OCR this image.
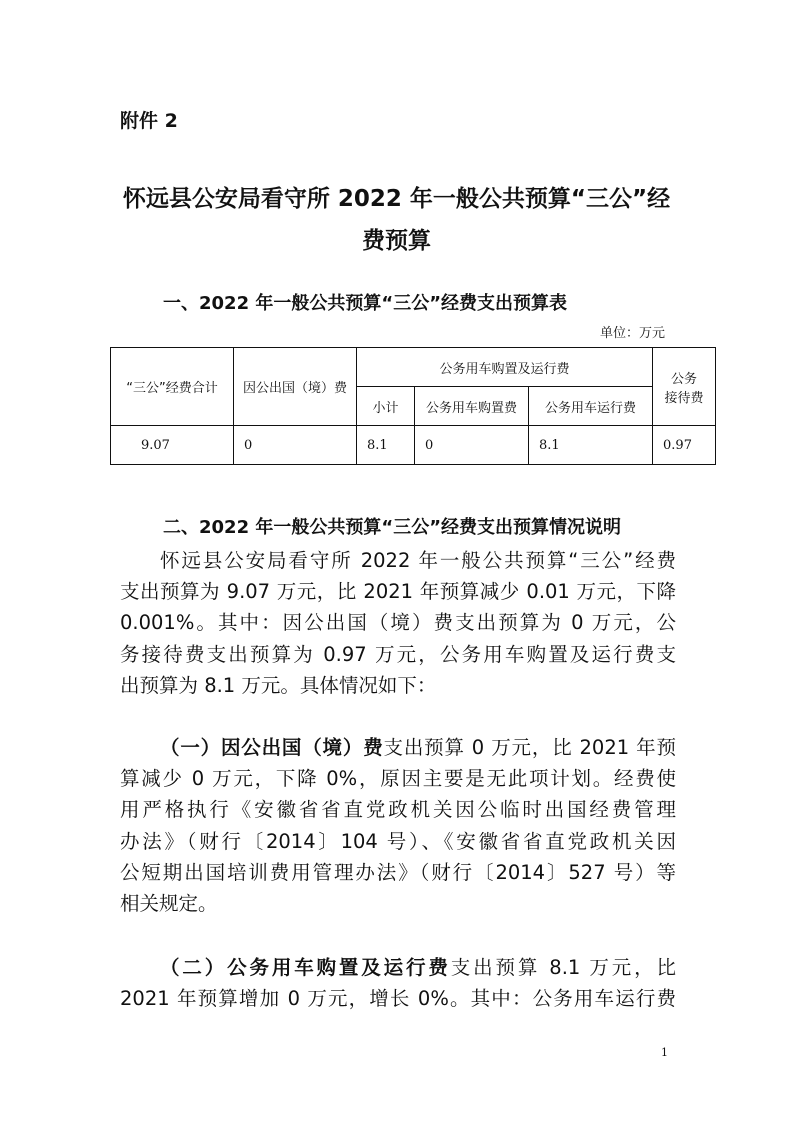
附件 2
怀远县公安局看守所 2022 年一般公共预算“三公”经
费预算
一、2022 年一般公共预算“三公”经费支出预算表
单位：万元
“三公”经费合计	因公出国（境）费	公务用车购置及运行费			公务
接待费
		小计	公务用车购置费	公务用车运行费	
9.07	0	8.1	0	8.1	0.97
二、2022 年一般公共预算“三公”经费支出预算情况说明
怀远县公安局看守所 2022 年一般公共预算“三公”经费
支出预算为 9.07 万元，比 2021 年预算减少 0.01 万元，下降
0.001%。其中：因公出国（境）费支出预算为 0 万元，公
务接待费支出预算为 0.97 万元，公务用车购置及运行费支
出预算为 8.1 万元。具体情况如下：
（一）因公出国（境）费支出预算 0 万元，比 2021 年预
算减少 0 万元，下降 0%，原因主要是无此项计划。经费使
用严格执行《安徽省省直党政机关因公临时出国经费管理
办法》（财行〔2014〕104 号）、《安徽省省直党政机关因
公短期出国培训费用管理办法》（财行〔2014〕527 号）等
相关规定。
（二）公务用车购置及运行费支出预算 8.1 万元，比
2021 年预算增加 0 万元，增长 0%。其中：公务用车运行费
1
